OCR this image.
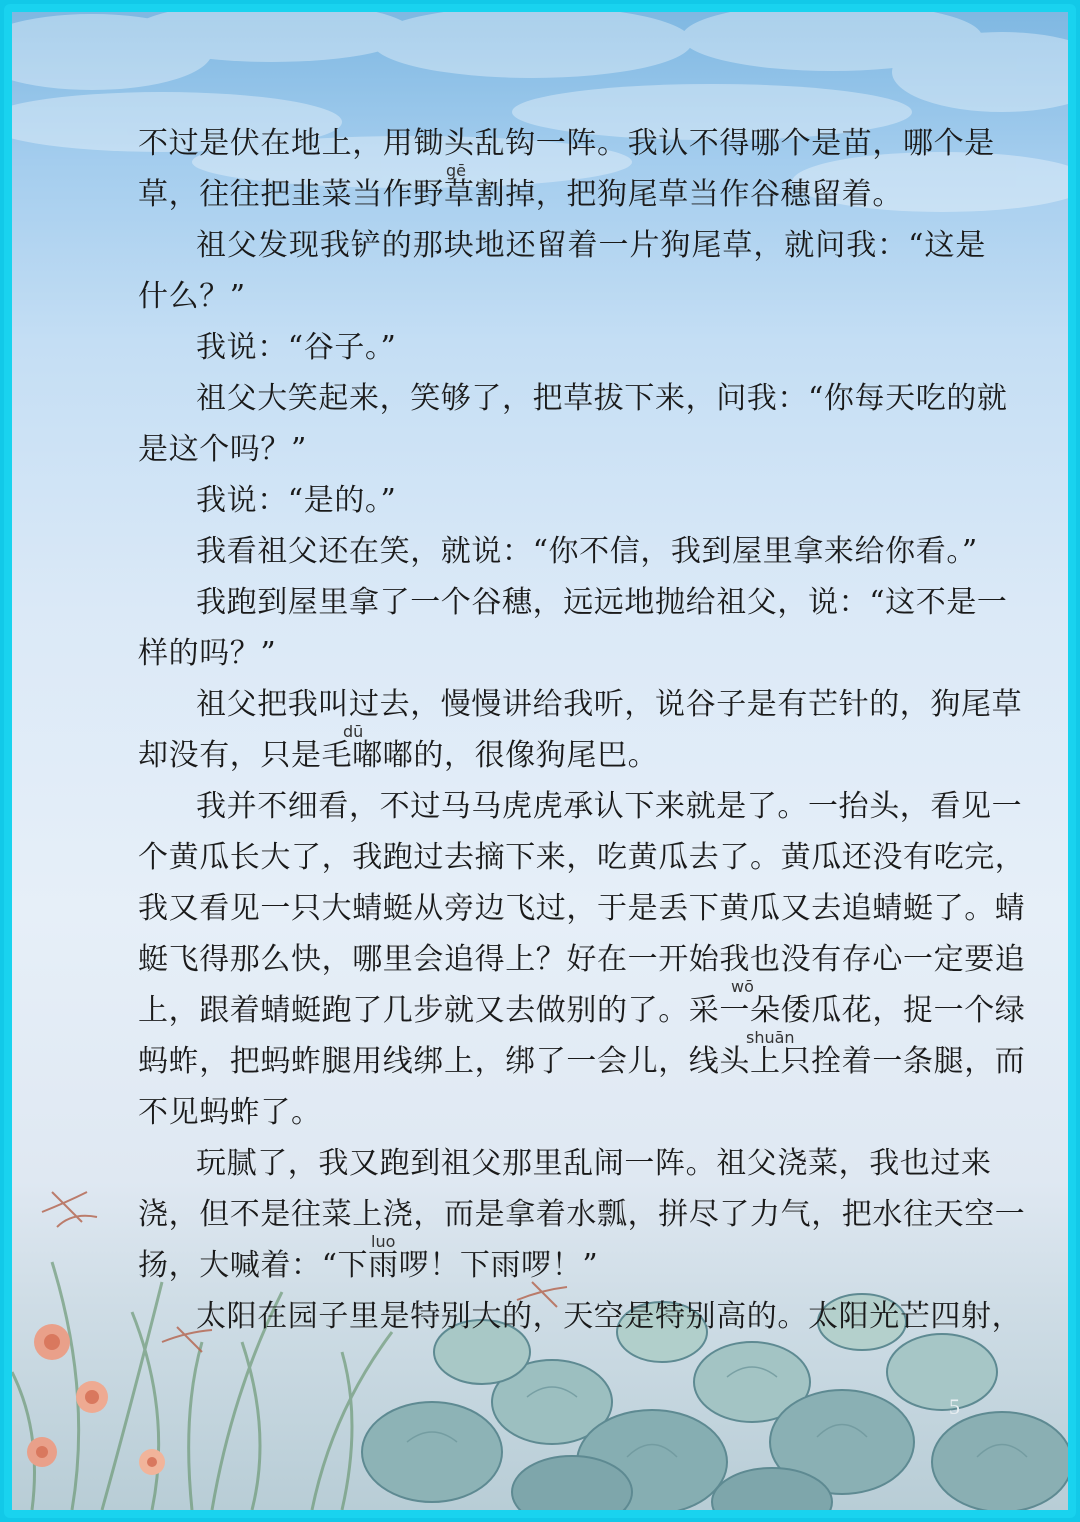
不过是伏在地上，用锄头乱钩一阵。我认不得哪个是苗，哪个是
草，往往把韭菜当作野草割掉，把狗尾草当作谷穗留着。
gē
祖父发现我铲的那块地还留着一片狗尾草，就问我：“这是
什么？”
我说：“谷子。”
祖父大笑起来，笑够了，把草拔下来，问我：“你每天吃的就
是这个吗？”
我说：“是的。”
我看祖父还在笑，就说：“你不信，我到屋里拿来给你看。”
我跑到屋里拿了一个谷穗，远远地抛给祖父，说：“这不是一
样的吗？”
祖父把我叫过去，慢慢讲给我听，说谷子是有芒针的，狗尾草
却没有，只是毛嘟嘟的，很像狗尾巴。
dū
我并不细看，不过马马虎虎承认下来就是了。一抬头，看见一
个黄瓜长大了，我跑过去摘下来，吃黄瓜去了。黄瓜还没有吃完，
我又看见一只大蜻蜓从旁边飞过，于是丢下黄瓜又去追蜻蜓了。蜻
蜓飞得那么快，哪里会追得上？好在一开始我也没有存心一定要追
上，跟着蜻蜓跑了几步就又去做别的了。采一朵倭瓜花，捉一个绿
wō
蚂蚱，把蚂蚱腿用线绑上，绑了一会儿，线头上只拴着一条腿，而
shuān
不见蚂蚱了。
玩腻了，我又跑到祖父那里乱闹一阵。祖父浇菜，我也过来
浇，但不是往菜上浇，而是拿着水瓢，拼尽了力气，把水往天空一
扬，大喊着：“下雨啰！下雨啰！”
luo
太阳在园子里是特别大的，天空是特别高的。太阳光芒四射，
5
